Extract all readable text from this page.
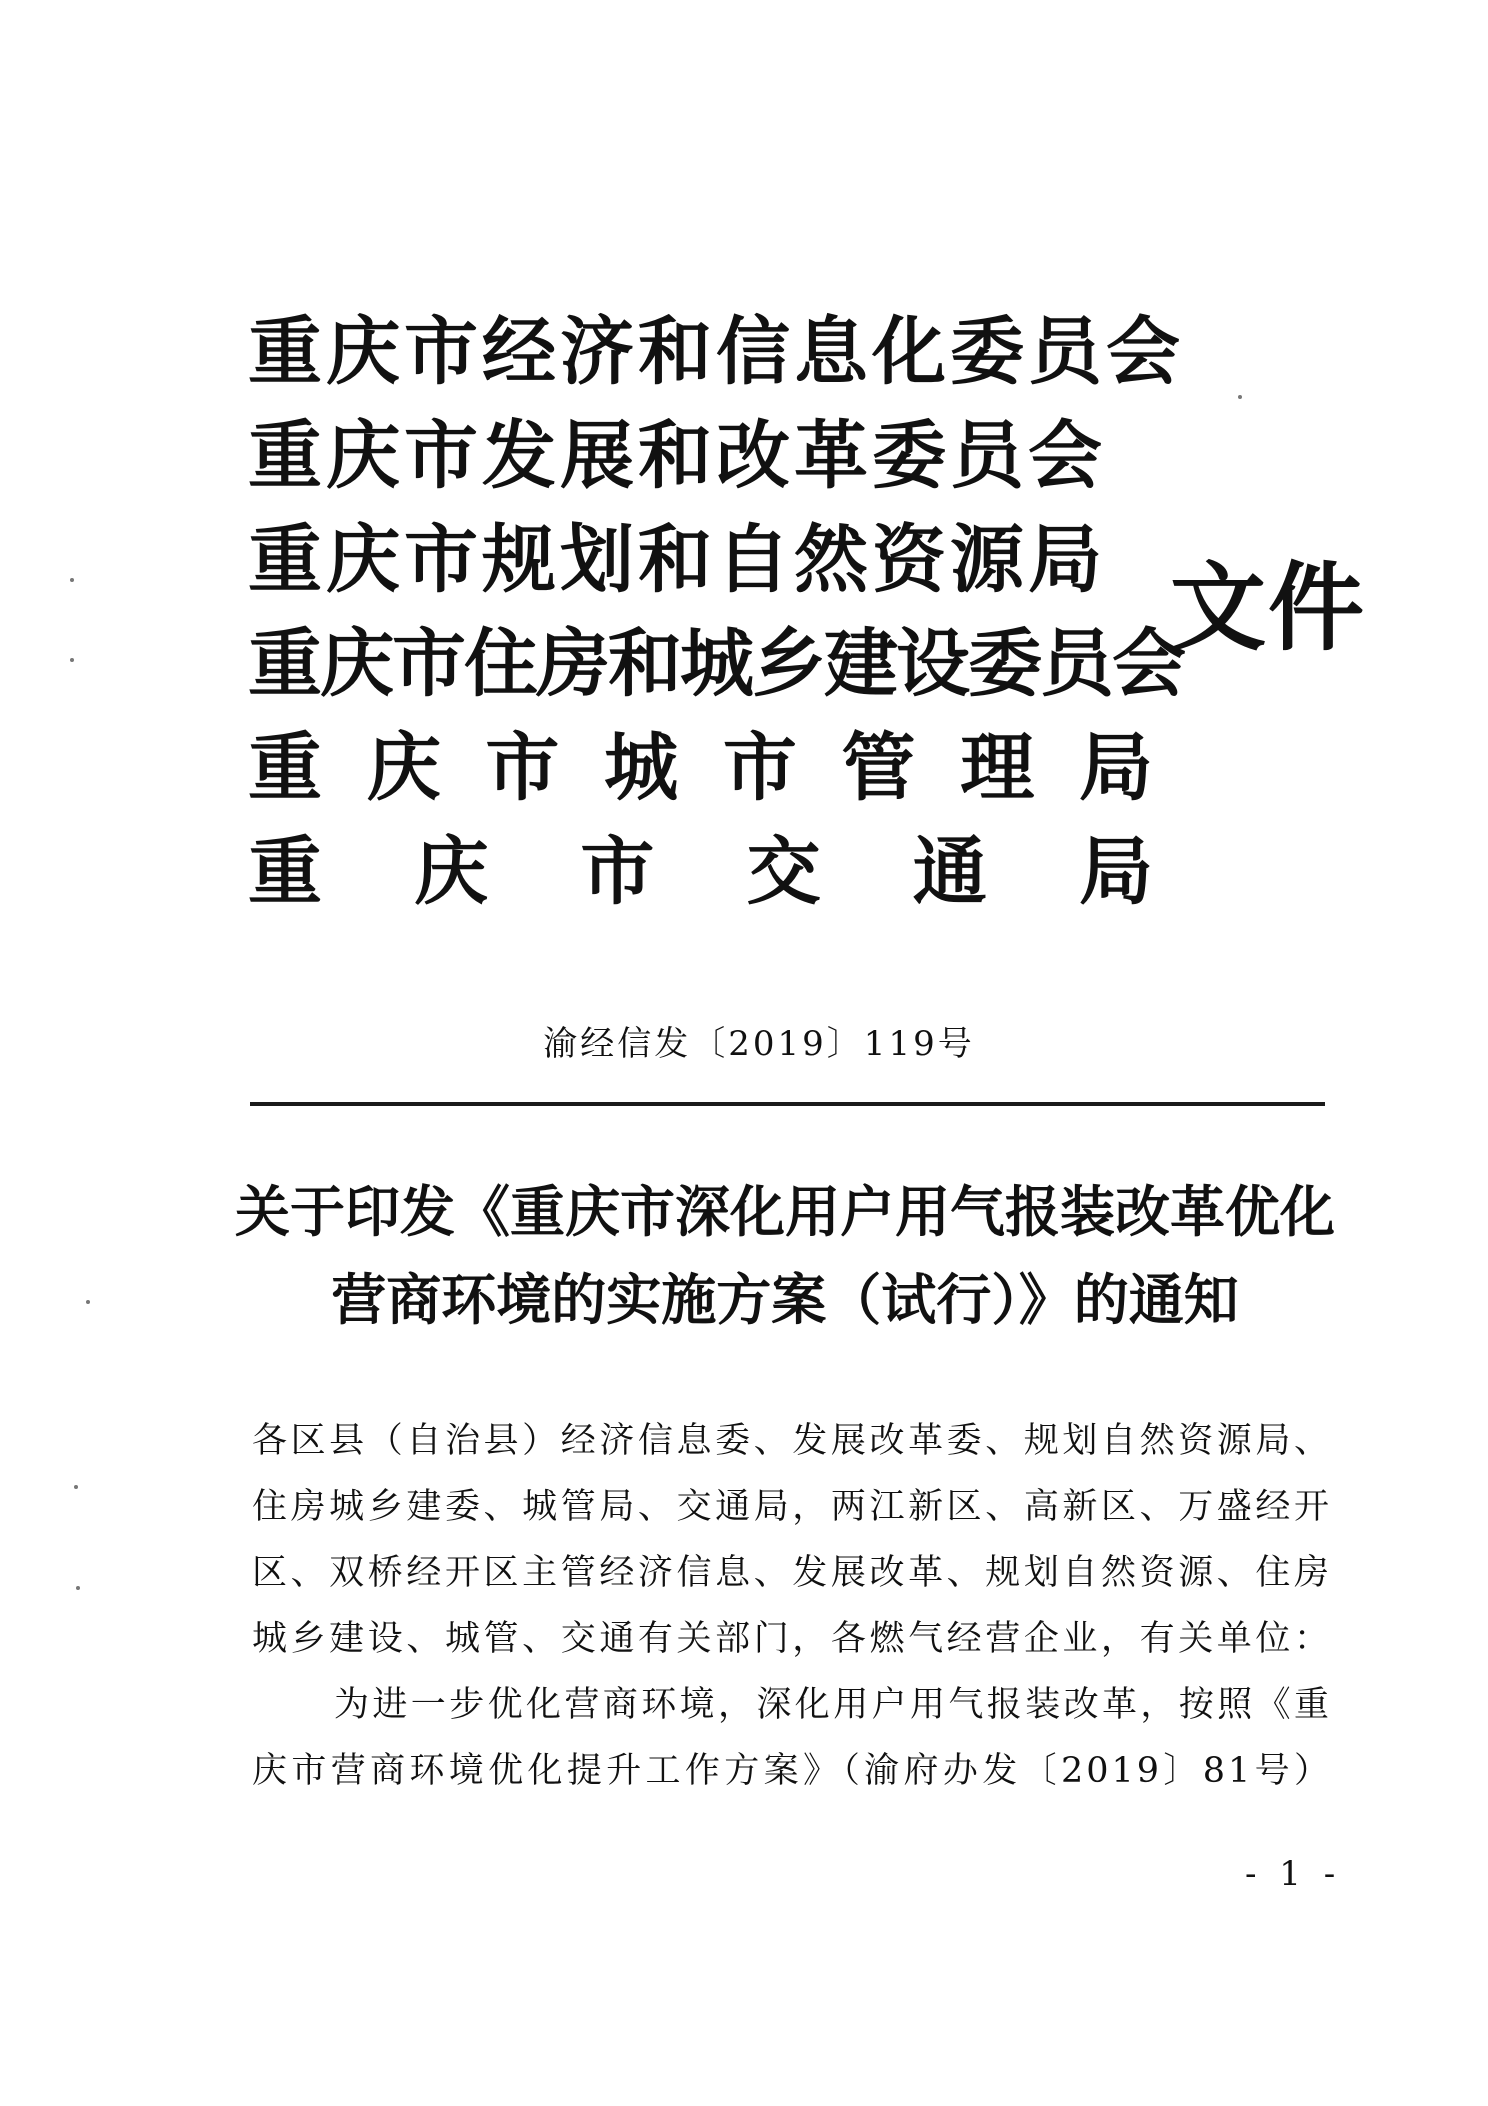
重庆市经济和信息化委员会
重庆市发展和改革委员会
重庆市规划和自然资源局
重庆市住房和城乡建设委员会
重 庆 市 城 市 管 理 局
重 庆 市 交 通 局
文件
渝经信发〔2019〕119号
关于印发《重庆市深化用户用气报装改革优化
营商环境的实施方案（试行）》的通知
各区县（自治县）经济信息委、发展改革委、规划自然资源局、
住房城乡建委、城管局、交通局，两江新区、高新区、万盛经开
区、双桥经开区主管经济信息、发展改革、规划自然资源、住房
城乡建设、城管、交通有关部门，各燃气经营企业，有关单位：
为进一步优化营商环境，深化用户用气报装改革，按照《重
庆市营商环境优化提升工作方案》（渝府办发〔2019〕81号）
- 1 -
